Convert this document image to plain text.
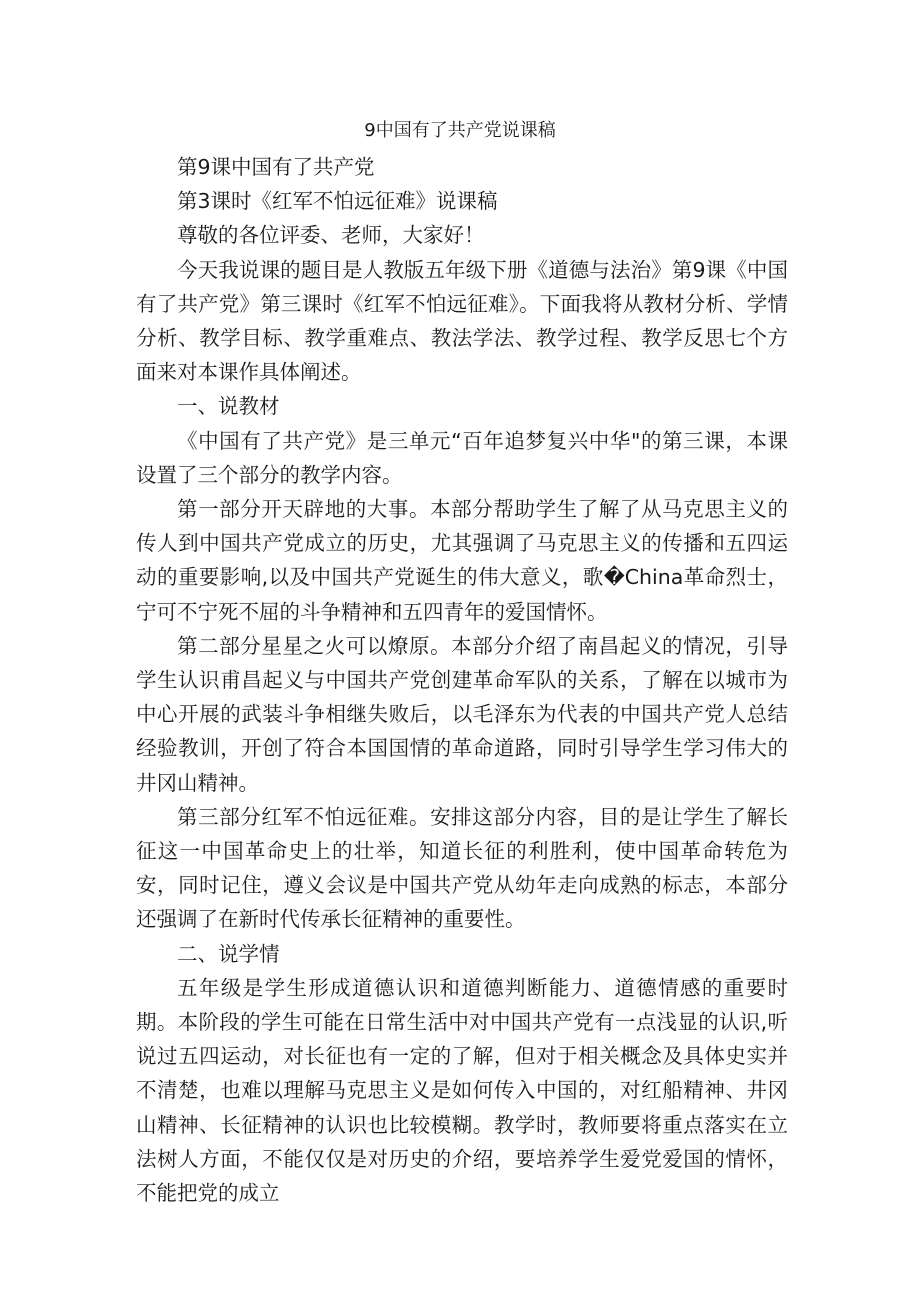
9中国有了共产党说课稿

第9课中国有了共产党

第3课时《红军不怕远征难》说课稿

尊敬的各位评委、老师，大家好！

今天我说课的题目是人教版五年级下册《道德与法治》第9课《中国有了共产党》第三课时《红军不怕远征难》。下面我将从教材分析、学情分析、教学目标、教学重难点、教法学法、教学过程、教学反思七个方面来对本课作具体阐述。

一、说教材

《中国有了共产党》是三单元“百年追梦复兴中华"的第三课，本课设置了三个部分的教学内容。

第一部分开天辟地的大事。本部分帮助学生了解了从马克思主义的传人到中国共产党成立的历史，尤其强调了马克思主义的传播和五四运动的重要影响,以及中国共产党诞生的伟大意义，歌�China革命烈士，宁可不宁死不屈的斗争精神和五四青年的爱国情怀。

第二部分星星之火可以燎原。本部分介绍了南昌起义的情况，引导学生认识甫昌起义与中国共产党创建革命军队的关系，了解在以城市为中心开展的武装斗争相继失败后，以毛泽东为代表的中国共产党人总结经验教训，开创了符合本国国情的革命道路，同时引导学生学习伟大的井冈山精神。

第三部分红军不怕远征难。安排这部分内容，目的是让学生了解长征这一中国革命史上的壮举，知道长征的利胜利，使中国革命转危为安，同时记住，遵义会议是中国共产党从幼年走向成熟的标志，本部分还强调了在新时代传承长征精神的重要性。

二、说学情

五年级是学生形成道德认识和道德判断能力、道德情感的重要时期。本阶段的学生可能在日常生活中对中国共产党有一点浅显的认识,听说过五四运动，对长征也有一定的了解，但对于相关概念及具体史实并不清楚，也难以理解马克思主义是如何传入中国的，对红船精神、井冈山精神、长征精神的认识也比较模糊。教学时，教师要将重点落实在立法树人方面，不能仅仅是对历史的介绍，要培养学生爱党爱国的情怀，不能把党的成立
